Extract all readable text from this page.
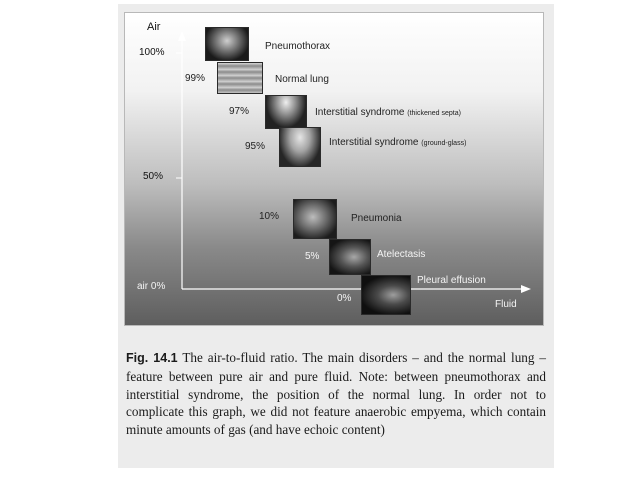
Air
100%
50%
air 0%
Fluid
Pneumothorax
99%	Normal lung
97%	Interstitial syndrome (thickened septa)
95%	Interstitial syndrome (ground-glass)
10%	Pneumonia
5%	Atelectasis
0%
Pleural effusion
Fig. 14.1 The air-to-fluid ratio. The main disorders – and the normal lung – feature between pure air and pure fluid. Note: between pneumothorax and interstitial syndrome, the position of the normal lung. In order not to complicate this graph, we did not feature anaerobic empyema, which contain minute amounts of gas (and have echoic content)
